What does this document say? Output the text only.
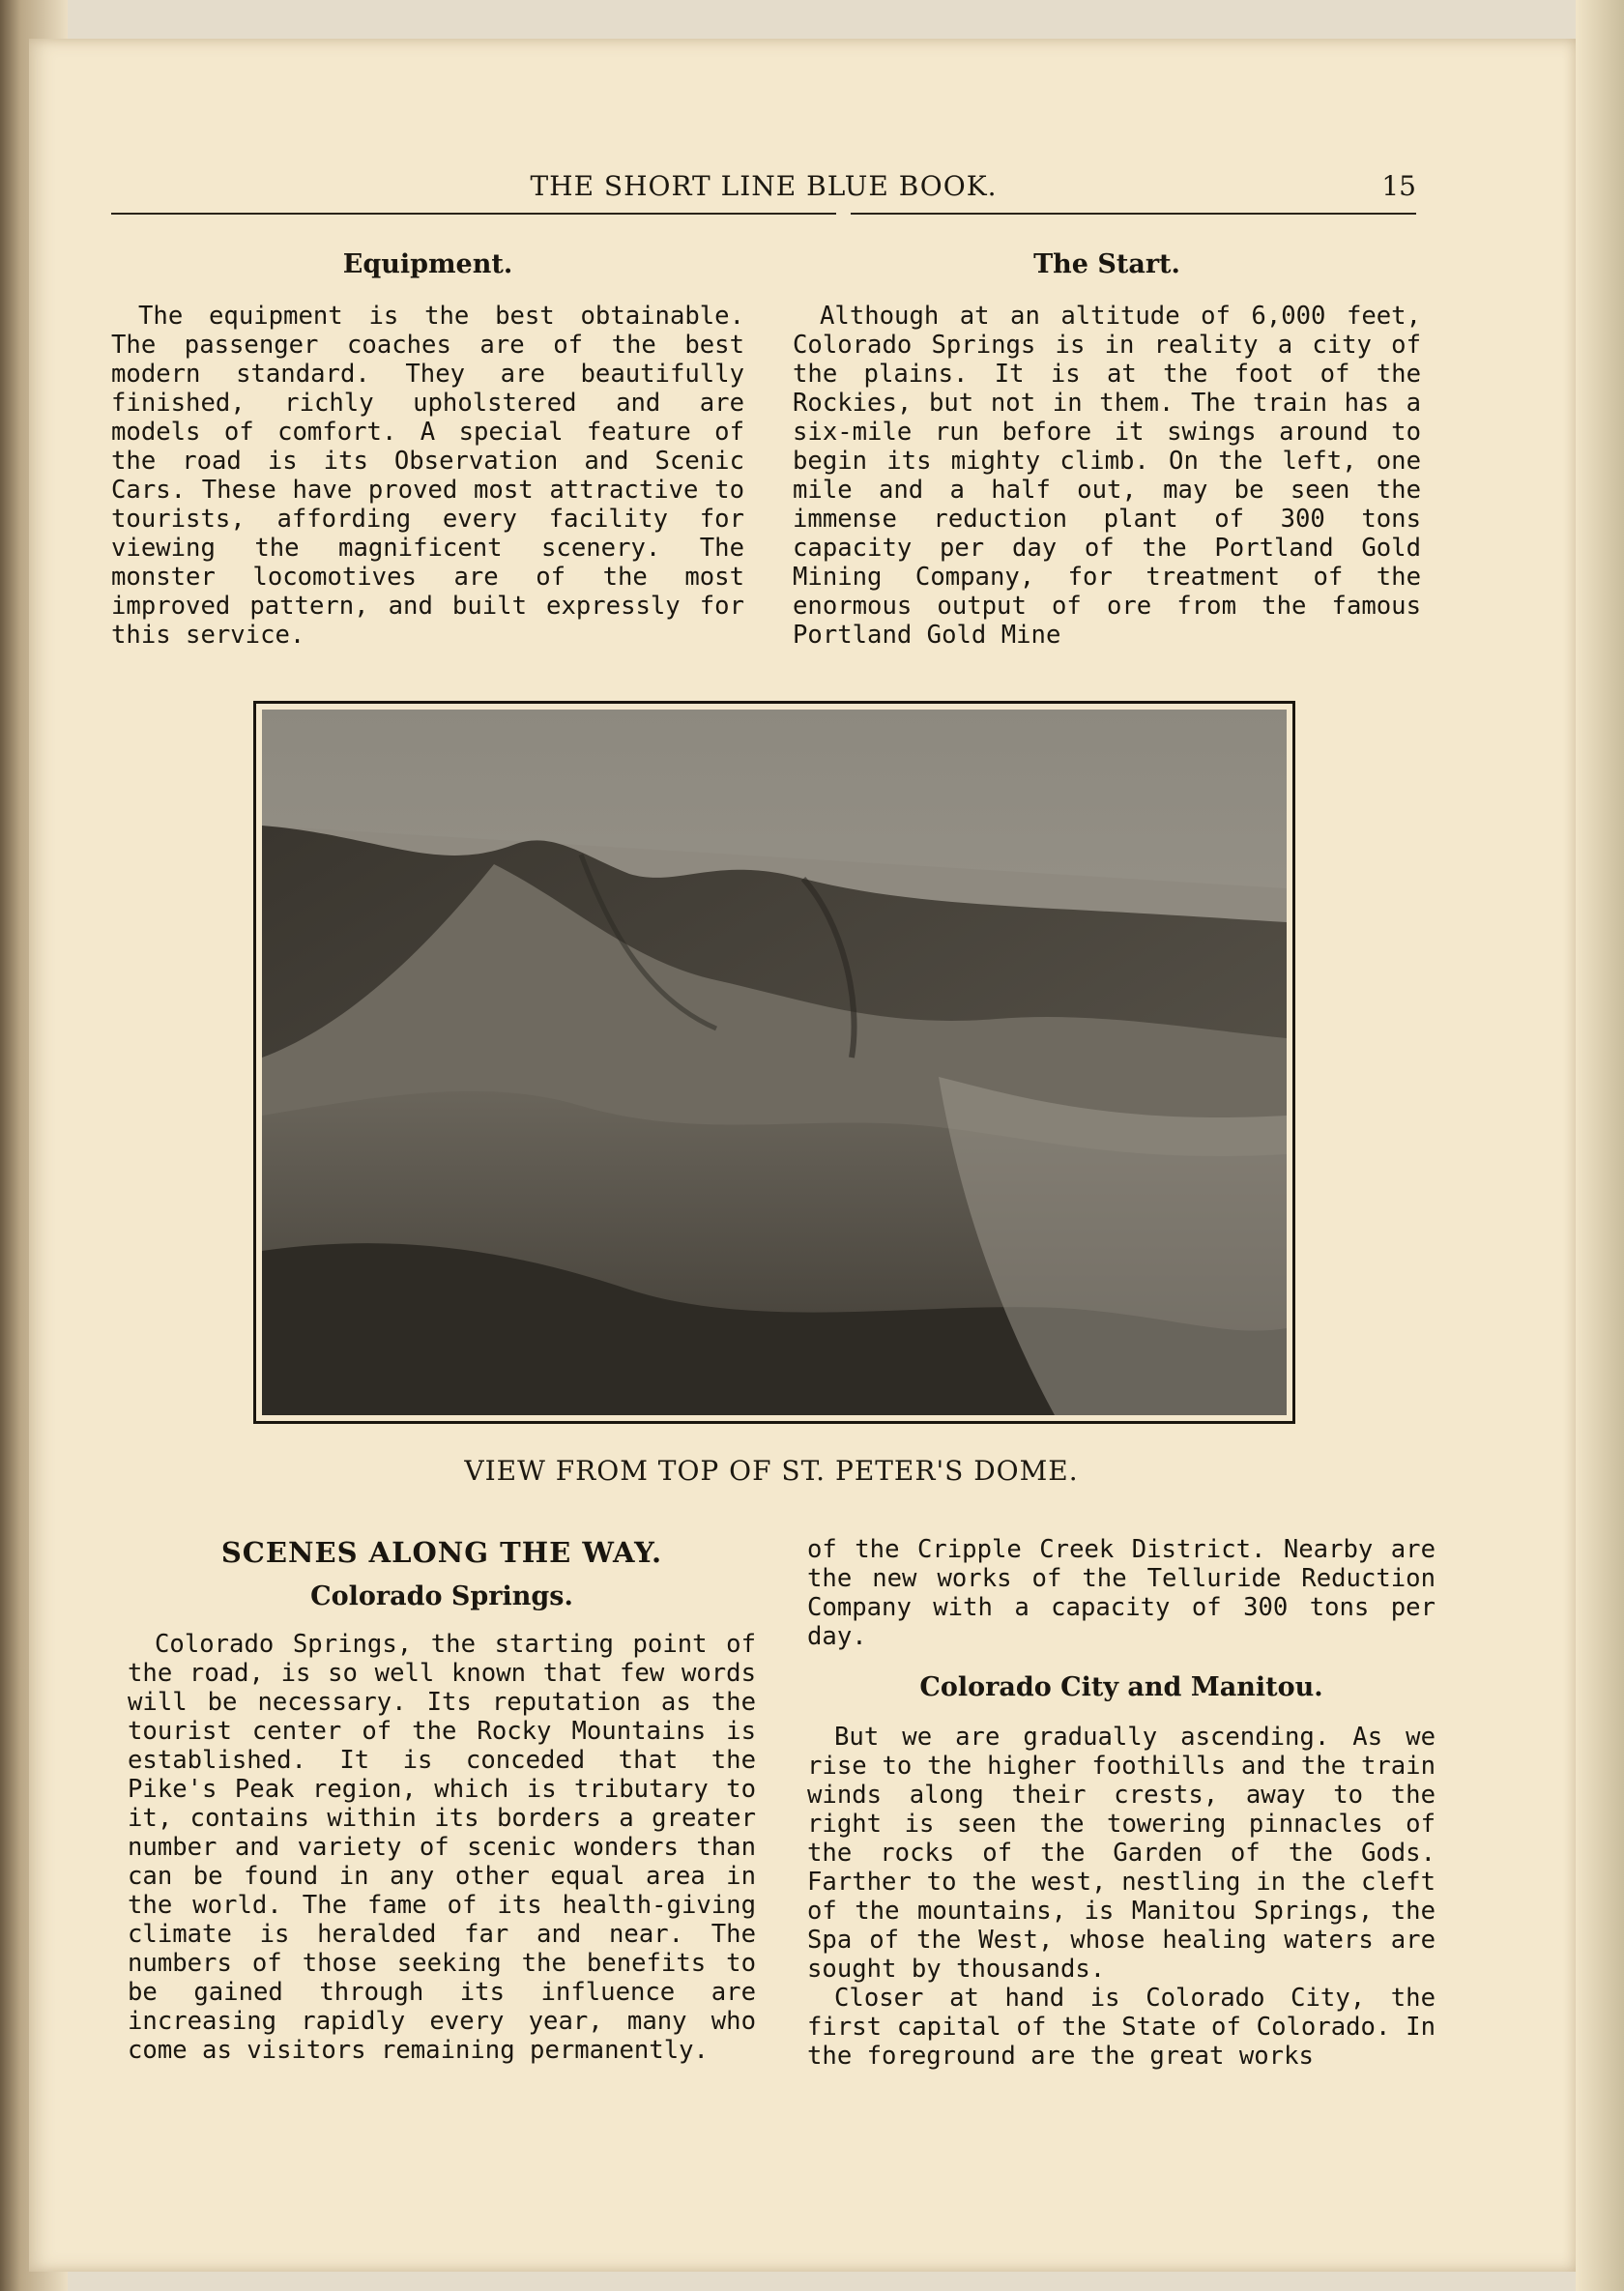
THE SHORT LINE BLUE BOOK.	15
Equipment.

The equipment is the best obtainable. The passenger coaches are of the best modern standard. They are beautifully finished, richly upholstered and are models of comfort. A special feature of the road is its Observation and Scenic Cars. These have proved most attractive to tourists, affording every facility for viewing the magnificent scenery. The monster locomotives are of the most improved pattern, and built expressly for this service.

The Start.

Although at an altitude of 6,000 feet, Colorado Springs is in reality a city of the plains. It is at the foot of the Rockies, but not in them. The train has a six-mile run before it swings around to begin its mighty climb. On the left, one mile and a half out, may be seen the immense reduction plant of 300 tons capacity per day of the Portland Gold Mining Company, for treatment of the enormous output of ore from the famous Portland Gold Mine

VIEW FROM TOP OF ST. PETER'S DOME.
SCENES ALONG THE WAY.
Colorado Springs.

Colorado Springs, the starting point of the road, is so well known that few words will be necessary. Its reputation as the tourist center of the Rocky Mountains is established. It is conceded that the Pike's Peak region, which is tributary to it, contains within its borders a greater number and variety of scenic wonders than can be found in any other equal area in the world. The fame of its health-giving climate is heralded far and near. The numbers of those seeking the benefits to be gained through its influence are increasing rapidly every year, many who come as visitors remaining permanently.

of the Cripple Creek District. Nearby are the new works of the Telluride Reduction Company with a capacity of 300 tons per day.

Colorado City and Manitou.

But we are gradually ascending. As we rise to the higher foothills and the train winds along their crests, away to the right is seen the towering pinnacles of the rocks of the Garden of the Gods. Farther to the west, nestling in the cleft of the mountains, is Manitou Springs, the Spa of the West, whose healing waters are sought by thousands.

Closer at hand is Colorado City, the first capital of the State of Colorado. In the foreground are the great works
